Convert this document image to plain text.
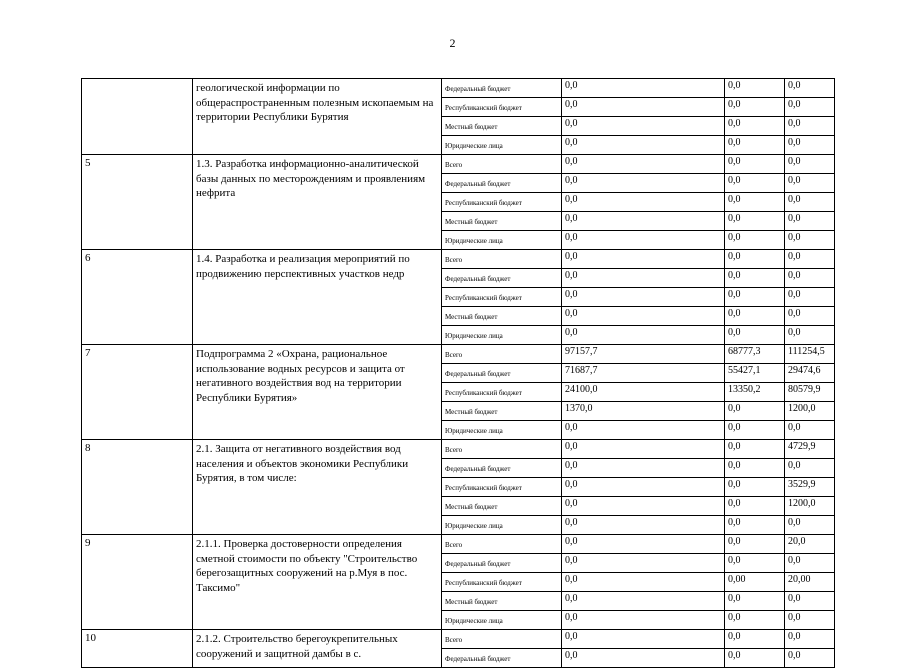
2
	геологической информации по общераспространенным полезным ископаемым на территории Республики Бурятия	Федеральный бюджет	0,0	0,0	0,0
		Республиканский бюджет	0,0	0,0	0,0
		Местный бюджет	0,0	0,0	0,0
		Юридические лица	0,0	0,0	0,0
5	1.3. Разработка информационно-аналитической базы данных по месторождениям и проявлениям нефрита	Всего	0,0	0,0	0,0
		Федеральный бюджет	0,0	0,0	0,0
		Республиканский бюджет	0,0	0,0	0,0
		Местный бюджет	0,0	0,0	0,0
		Юридические лица	0,0	0,0	0,0
6	1.4. Разработка и реализация мероприятий по продвижению перспективных участков недр	Всего	0,0	0,0	0,0
		Федеральный бюджет	0,0	0,0	0,0
		Республиканский бюджет	0,0	0,0	0,0
		Местный бюджет	0,0	0,0	0,0
		Юридические лица	0,0	0,0	0,0
7	Подпрограмма 2 «Охрана, рациональное использование водных ресурсов и защита от негативного воздействия вод на территории Республики Бурятия»	Всего	97157,7	68777,3	111254,5
		Федеральный бюджет	71687,7	55427,1	29474,6
		Республиканский бюджет	24100,0	13350,2	80579,9
		Местный бюджет	1370,0	0,0	1200,0
		Юридические лица	0,0	0,0	0,0
8	2.1. Защита от негативного воздействия вод населения и объектов экономики Республики Бурятия, в том числе:	Всего	0,0	0,0	4729,9
		Федеральный бюджет	0,0	0,0	0,0
		Республиканский бюджет	0,0	0,0	3529,9
		Местный бюджет	0,0	0,0	1200,0
		Юридические лица	0,0	0,0	0,0
9	2.1.1. Проверка достоверности определения сметной стоимости по объекту "Строительство берегозащитных сооружений на р.Муя в пос. Таксимо"	Всего	0,0	0,0	20,0
		Федеральный бюджет	0,0	0,0	0,0
		Республиканский бюджет	0,0	0,00	20,00
		Местный бюджет	0,0	0,0	0,0
		Юридические лица	0,0	0,0	0,0
10	2.1.2. Строительство берегоукрепительных сооружений и защитной дамбы в с.	Всего	0,0	0,0	0,0
		Федеральный бюджет	0,0	0,0	0,0
